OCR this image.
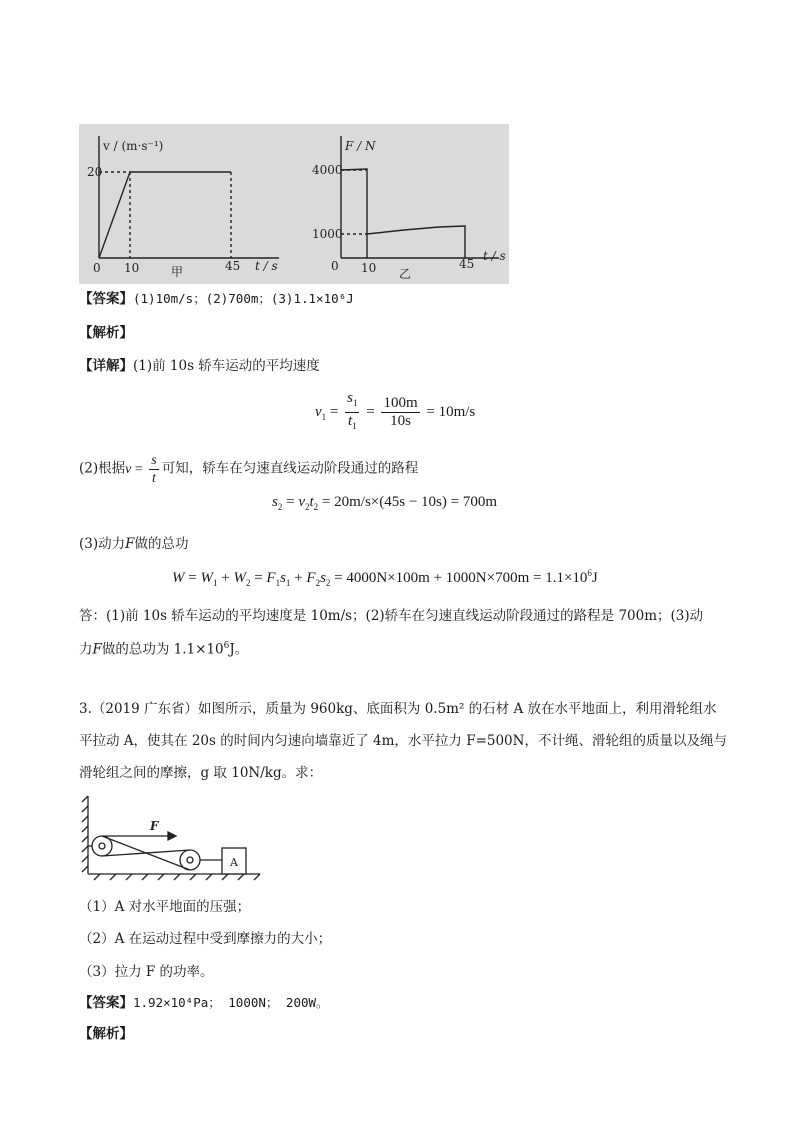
v / (m·s⁻¹)
20
0 10	45 t / s
甲
F / N
4000
1000
0 10	45
t / s
乙
【答案】(1)10m/s；(2)700m；(3)1.1×10⁶J
【解析】
【详解】(1)前 10s 轿车运动的平均速度
$v_1 = \frac{s_1}{t_1} = \frac{100m}{10s} = 10m/s$
(2)根据$v = \frac{s}{t}$ 可知，轿车在匀速直线运动阶段通过的路程
$s_2 = v_2t_2 = 20m/s\times(45s - 10s) = 700m$
(3)动力F做的总功
$W = W_1 + W_2 = F_1s_1 + F_2s_2 = 4000N\times 100m + 1000N\times 700m = 1.1\times 10^6J$
答：(1)前 10s 轿车运动的平均速度是 10m/s；(2)轿车在匀速直线运动阶段通过的路程是 700m；(3)动
力F做的总功为 $1.1\times 10^6J$。
3.（2019 广东省）如图所示，质量为 960kg、底面积为 0.5m² 的石材 A 放在水平地面上，利用滑轮组水
平拉动 A，使其在 20s 的时间内匀速向墙靠近了 4m，水平拉力 F=500N，不计绳、滑轮组的质量以及绳与
滑轮组之间的摩擦，g 取 10N/kg。求：
F
A
（1）A 对水平地面的压强；
（2）A 在运动过程中受到摩擦力的大小；
（3）拉力 F 的功率。
【答案】1.92×10⁴Pa； 1000N； 200W。
【解析】
